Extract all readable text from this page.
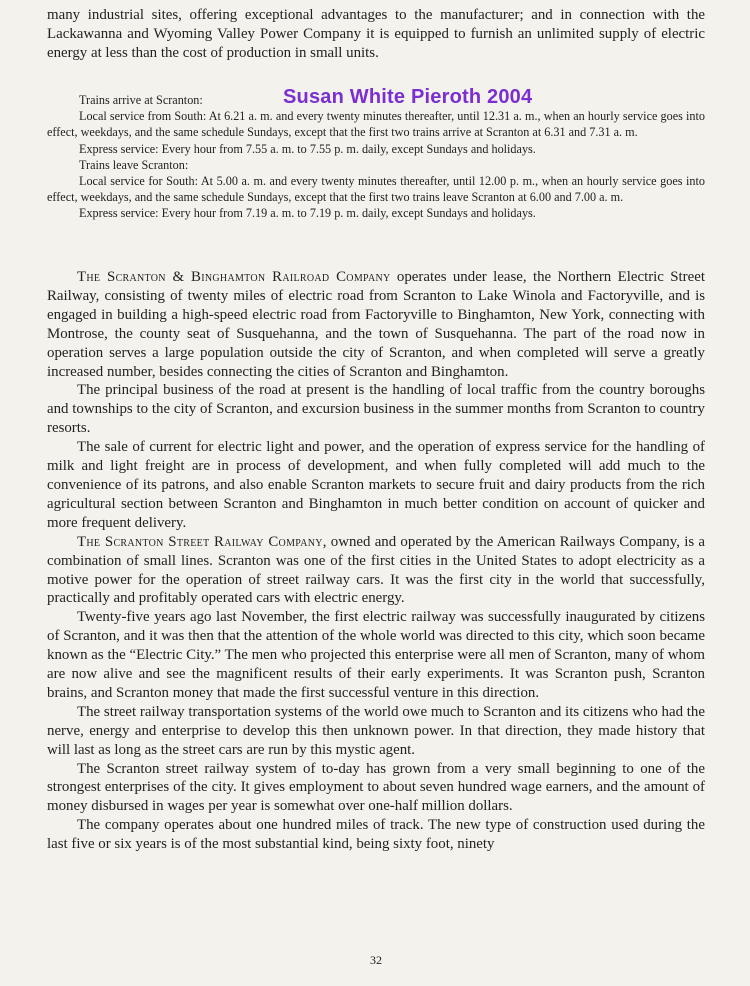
many industrial sites, offering exceptional advantages to the manufacturer; and in connection with the Lackawanna and Wyoming Valley Power Company it is equipped to furnish an unlimited supply of electric energy at less than the cost of production in small units.

Susan White Pieroth 2004

Trains arrive at Scranton:

Local service from South: At 6.21 a. m. and every twenty minutes thereafter, until 12.31 a. m., when an hourly service goes into effect, weekdays, and the same schedule Sundays, except that the first two trains arrive at Scranton at 6.31 and 7.31 a. m.

Express service: Every hour from 7.55 a. m. to 7.55 p. m. daily, except Sundays and holidays.

Trains leave Scranton:

Local service for South: At 5.00 a. m. and every twenty minutes thereafter, until 12.00 p. m., when an hourly service goes into effect, weekdays, and the same schedule Sundays, except that the first two trains leave Scranton at 6.00 and 7.00 a. m.

Express service: Every hour from 7.19 a. m. to 7.19 p. m. daily, except Sundays and holidays.

The Scranton & Binghamton Railroad Company operates under lease, the Northern Electric Street Railway, consisting of twenty miles of electric road from Scranton to Lake Winola and Factoryville, and is engaged in building a high-speed electric road from Factoryville to Binghamton, New York, connecting with Montrose, the county seat of Susquehanna, and the town of Susquehanna. The part of the road now in operation serves a large population outside the city of Scranton, and when completed will serve a greatly increased number, besides connecting the cities of Scranton and Binghamton.

The principal business of the road at present is the handling of local traffic from the country boroughs and townships to the city of Scranton, and excursion business in the summer months from Scranton to country resorts.

The sale of current for electric light and power, and the operation of express service for the handling of milk and light freight are in process of development, and when fully completed will add much to the convenience of its patrons, and also enable Scranton markets to secure fruit and dairy products from the rich agricultural section between Scranton and Binghamton in much better condition on account of quicker and more frequent delivery.

The Scranton Street Railway Company, owned and operated by the American Railways Company, is a combination of small lines. Scranton was one of the first cities in the United States to adopt electricity as a motive power for the operation of street railway cars. It was the first city in the world that successfully, practically and profitably operated cars with electric energy.

Twenty-five years ago last November, the first electric railway was successfully inaugurated by citizens of Scranton, and it was then that the attention of the whole world was directed to this city, which soon became known as the “Electric City.” The men who projected this enterprise were all men of Scranton, many of whom are now alive and see the magnificent results of their early experiments. It was Scranton push, Scranton brains, and Scranton money that made the first successful venture in this direction.

The street railway transportation systems of the world owe much to Scranton and its citizens who had the nerve, energy and enterprise to develop this then unknown power. In that direction, they made history that will last as long as the street cars are run by this mystic agent.

The Scranton street railway system of to-day has grown from a very small beginning to one of the strongest enterprises of the city. It gives employment to about seven hundred wage earners, and the amount of money disbursed in wages per year is somewhat over one-half million dollars.

The company operates about one hundred miles of track. The new type of construction used during the last five or six years is of the most substantial kind, being sixty foot, ninety

32
